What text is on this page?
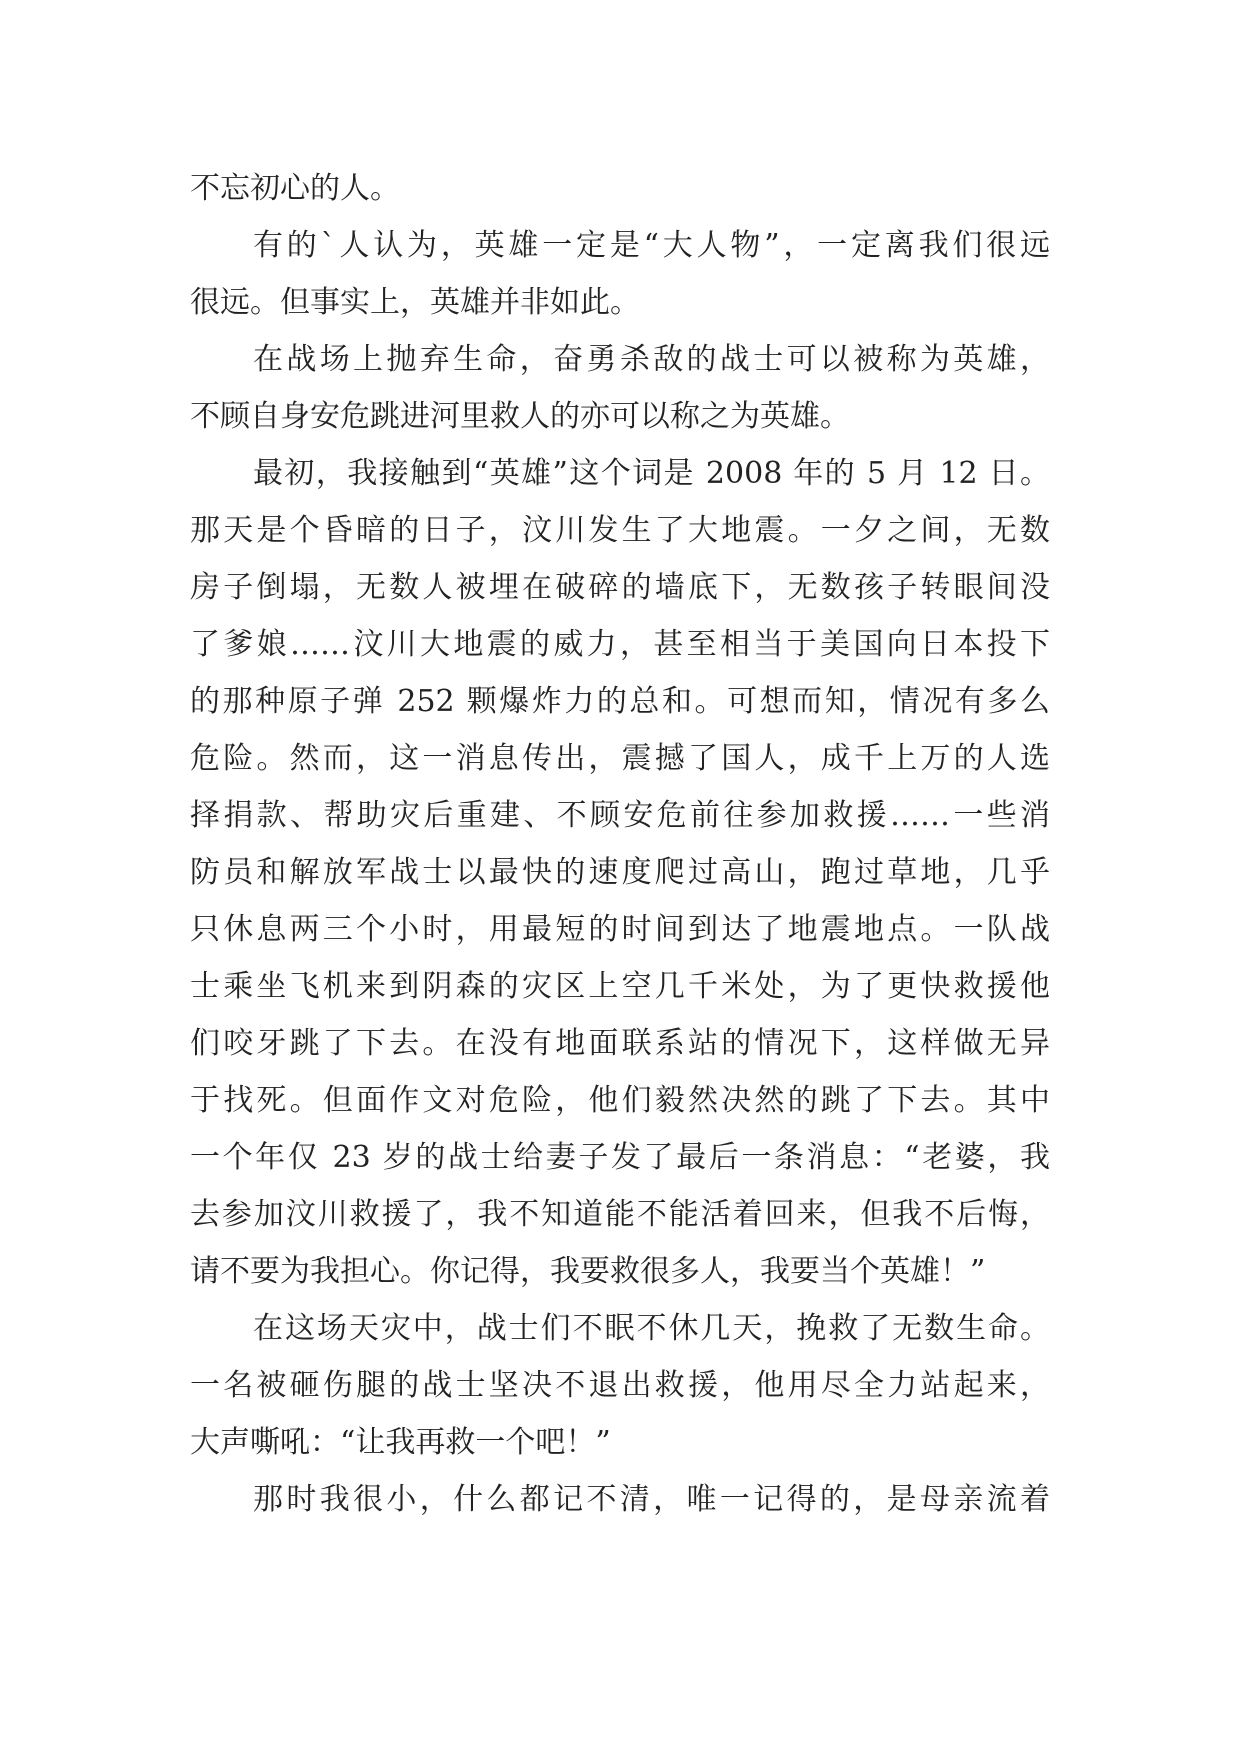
不忘初心的人。
有的`人认为，英雄一定是“大人物”，一定离我们很远
很远。但事实上，英雄并非如此。
在战场上抛弃生命，奋勇杀敌的战士可以被称为英雄，
不顾自身安危跳进河里救人的亦可以称之为英雄。
最初，我接触到“英雄”这个词是 2008 年的 5 月 12 日。
那天是个昏暗的日子，汶川发生了大地震。一夕之间，无数
房子倒塌，无数人被埋在破碎的墙底下，无数孩子转眼间没
了爹娘……汶川大地震的威力，甚至相当于美国向日本投下
的那种原子弹 252 颗爆炸力的总和。可想而知，情况有多么
危险。然而，这一消息传出，震撼了国人，成千上万的人选
择捐款、帮助灾后重建、不顾安危前往参加救援……一些消
防员和解放军战士以最快的速度爬过高山，跑过草地，几乎
只休息两三个小时，用最短的时间到达了地震地点。一队战
士乘坐飞机来到阴森的灾区上空几千米处，为了更快救援他
们咬牙跳了下去。在没有地面联系站的情况下，这样做无异
于找死。但面作文对危险，他们毅然决然的跳了下去。其中
一个年仅 23 岁的战士给妻子发了最后一条消息：“老婆，我
去参加汶川救援了，我不知道能不能活着回来，但我不后悔，
请不要为我担心。你记得，我要救很多人，我要当个英雄！”
在这场天灾中，战士们不眠不休几天，挽救了无数生命。
一名被砸伤腿的战士坚决不退出救援，他用尽全力站起来，
大声嘶吼：“让我再救一个吧！”
那时我很小，什么都记不清，唯一记得的，是母亲流着
